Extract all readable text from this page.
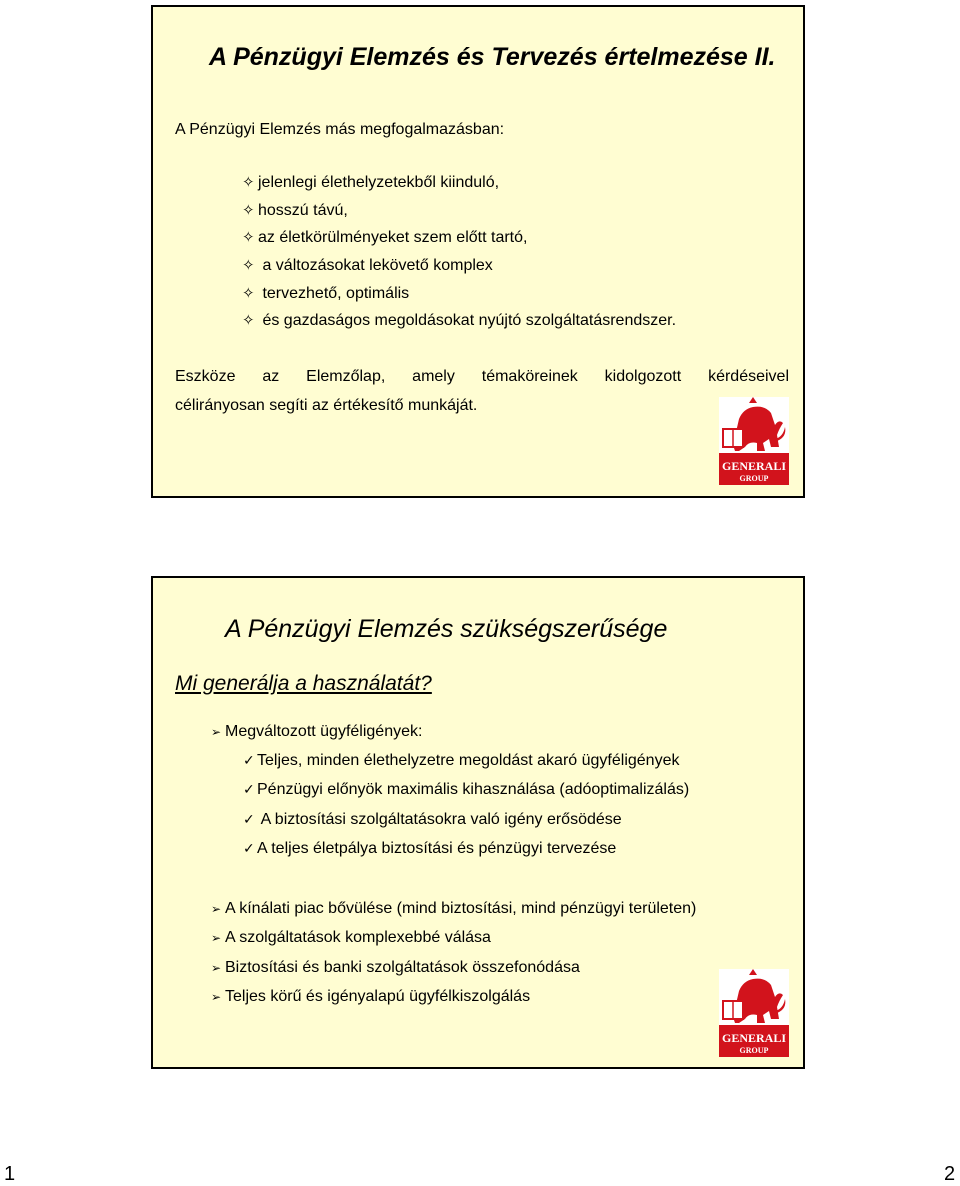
A Pénzügyi Elemzés és Tervezés értelmezése II.
A Pénzügyi Elemzés más megfogalmazásban:
✧ jelenlegi élethelyzetekből kiinduló,
✧ hosszú távú,
✧ az életkörülményeket szem előtt tartó,
✧ a változásokat lekövető komplex
✧ tervezhető, optimális
✧ és gazdaságos megoldásokat nyújtó szolgáltatásrendszer.
Eszköze az Elemzőlap, amely témaköreinek kidolgozott kérdéseivel
célirányosan segíti az értékesítő munkáját.
GENERALI
GROUP
A Pénzügyi Elemzés szükségszerűsége
Mi generálja a használatát?
➢ Megváltozott ügyféligények:
✓ Teljes, minden élethelyzetre megoldást akaró ügyféligények
✓ Pénzügyi előnyök maximális kihasználása (adóoptimalizálás)
✓ A biztosítási szolgáltatásokra való igény erősödése
✓ A teljes életpálya biztosítási és pénzügyi tervezése
➢ A kínálati piac bővülése (mind biztosítási, mind pénzügyi területen)
➢ A szolgáltatások komplexebbé válása
➢ Biztosítási és banki szolgáltatások összefonódása
➢ Teljes körű és igényalapú ügyfélkiszolgálás
GENERALI
GROUP
1	2
